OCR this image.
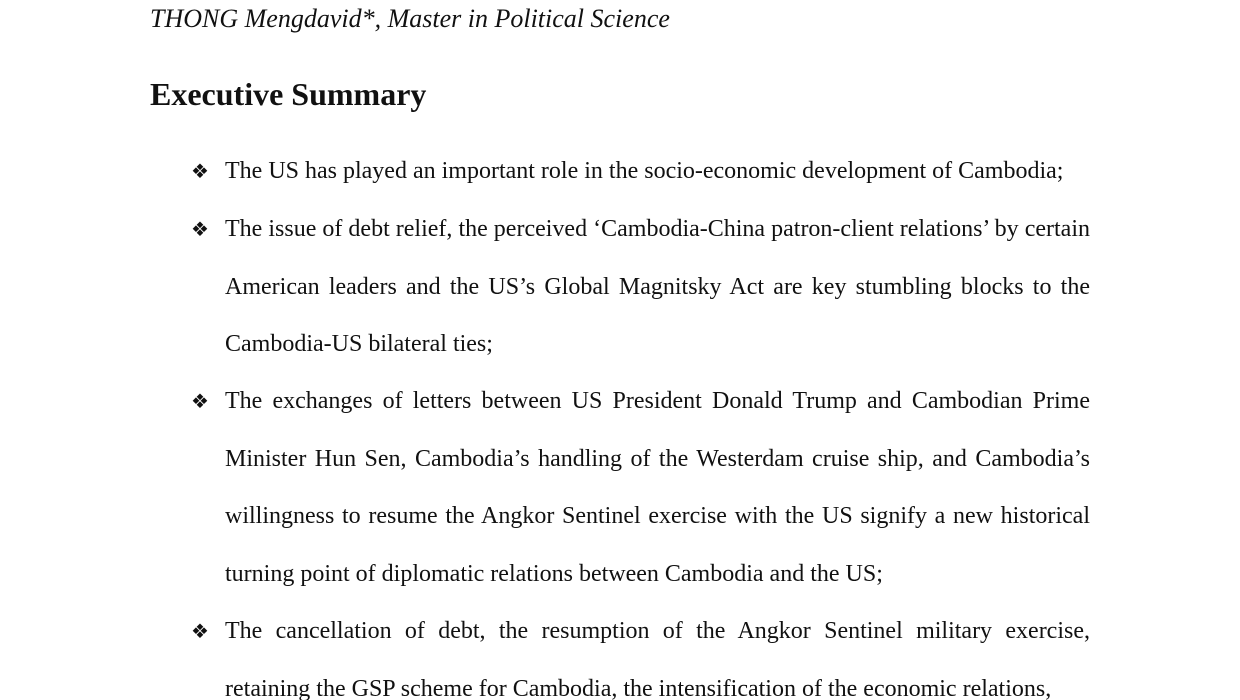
THONG Mengdavid*, Master in Political Science
Executive Summary
❖ The US has played an important role in the socio-economic development of Cambodia;
❖ The issue of debt relief, the perceived ‘Cambodia-China patron-client relations’ by certain American leaders and the US’s Global Magnitsky Act are key stumbling blocks to the Cambodia-US bilateral ties;
❖ The exchanges of letters between US President Donald Trump and Cambodian Prime Minister Hun Sen, Cambodia’s handling of the Westerdam cruise ship, and Cambodia’s willingness to resume the Angkor Sentinel exercise with the US signify a new historical turning point of diplomatic relations between Cambodia and the US;
❖ The cancellation of debt, the resumption of the Angkor Sentinel military exercise, retaining the GSP scheme for Cambodia, the intensification of the economic relations,
